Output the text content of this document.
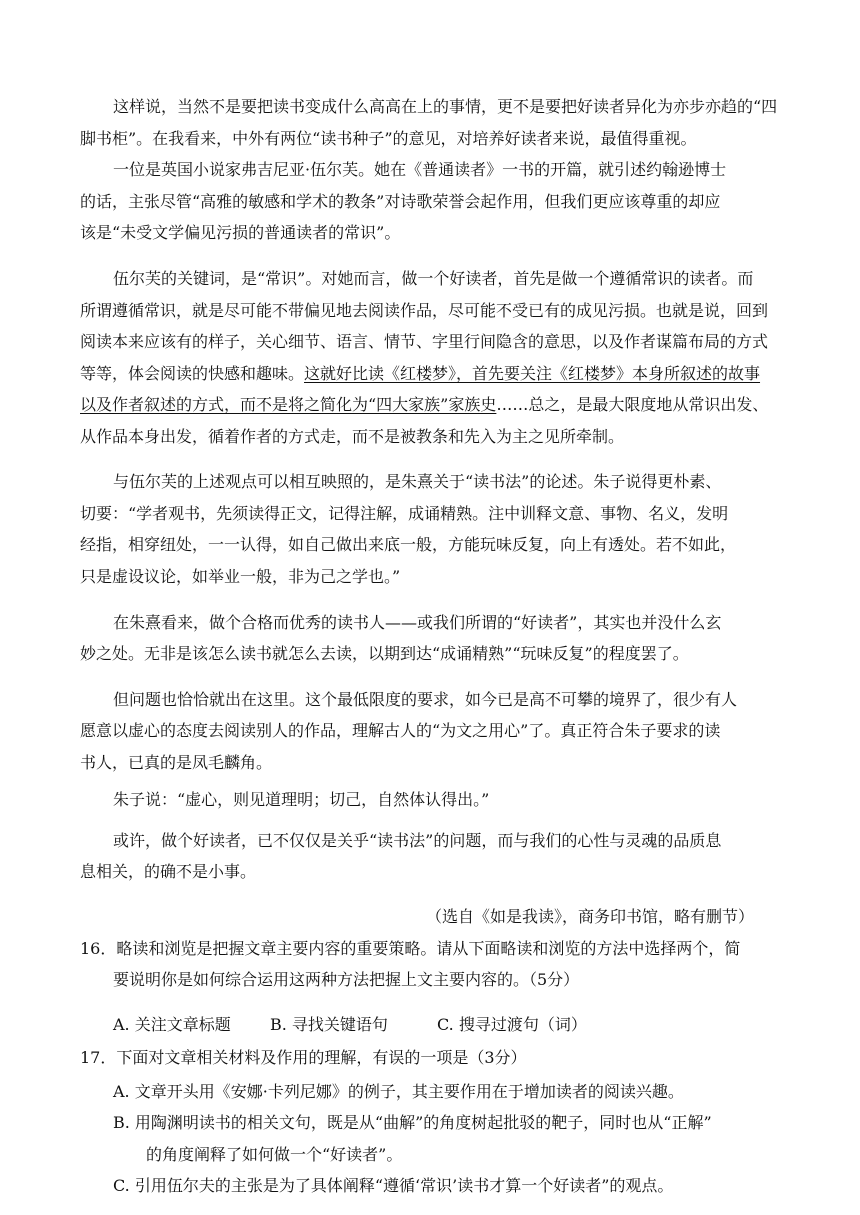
这样说，当然不是要把读书变成什么高高在上的事情，更不是要把好读者异化为亦步亦趋的“四
脚书柜”。在我看来，中外有两位“读书种子”的意见，对培养好读者来说，最值得重视。
一位是英国小说家弗吉尼亚·伍尔芙。她在《普通读者》一书的开篇，就引述约翰逊博士
的话，主张尽管“高雅的敏感和学术的教条”对诗歌荣誉会起作用，但我们更应该尊重的却应
该是“未受文学偏见污损的普通读者的常识”。
伍尔芙的关键词，是“常识”。对她而言，做一个好读者，首先是做一个遵循常识的读者。而
所谓遵循常识，就是尽可能不带偏见地去阅读作品，尽可能不受已有的成见污损。也就是说，回到
阅读本来应该有的样子，关心细节、语言、情节、字里行间隐含的意思，以及作者谋篇布局的方式
等等，体会阅读的快感和趣味。这就好比读《红楼梦》，首先要关注《红楼梦》本身所叙述的故事
以及作者叙述的方式，而不是将之简化为“四大家族”家族史……总之，是最大限度地从常识出发、
从作品本身出发，循着作者的方式走，而不是被教条和先入为主之见所牵制。
与伍尔芙的上述观点可以相互映照的，是朱熹关于“读书法”的论述。朱子说得更朴素、
切要：“学者观书，先须读得正文，记得注解，成诵精熟。注中训释文意、事物、名义，发明
经指，相穿纽处，一一认得，如自己做出来底一般，方能玩味反复，向上有透处。若不如此，
只是虚设议论，如举业一般，非为己之学也。”
在朱熹看来，做个合格而优秀的读书人——或我们所谓的“好读者”，其实也并没什么玄
妙之处。无非是该怎么读书就怎么去读，以期到达“成诵精熟”“玩味反复”的程度罢了。
但问题也恰恰就出在这里。这个最低限度的要求，如今已是高不可攀的境界了，很少有人
愿意以虚心的态度去阅读别人的作品，理解古人的“为文之用心”了。真正符合朱子要求的读
书人，已真的是凤毛麟角。
朱子说：“虚心，则见道理明；切己，自然体认得出。”
或许，做个好读者，已不仅仅是关乎“读书法”的问题，而与我们的心性与灵魂的品质息
息相关，的确不是小事。
（选自《如是我读》，商务印书馆，略有删节）
16．略读和浏览是把握文章主要内容的重要策略。请从下面略读和浏览的方法中选择两个，简
要说明你是如何综合运用这两种方法把握上文主要内容的。（5分）
A. 关注文章标题 B. 寻找关键语句	C. 搜寻过渡句（词）
17．下面对文章相关材料及作用的理解，有误的一项是（3分）
A. 文章开头用《安娜·卡列尼娜》的例子，其主要作用在于增加读者的阅读兴趣。
B. 用陶渊明读书的相关文句，既是从“曲解”的角度树起批驳的靶子，同时也从“正解”
的角度阐释了如何做一个“好读者”。
C. 引用伍尔夫的主张是为了具体阐释“遵循‘常识’读书才算一个好读者”的观点。
